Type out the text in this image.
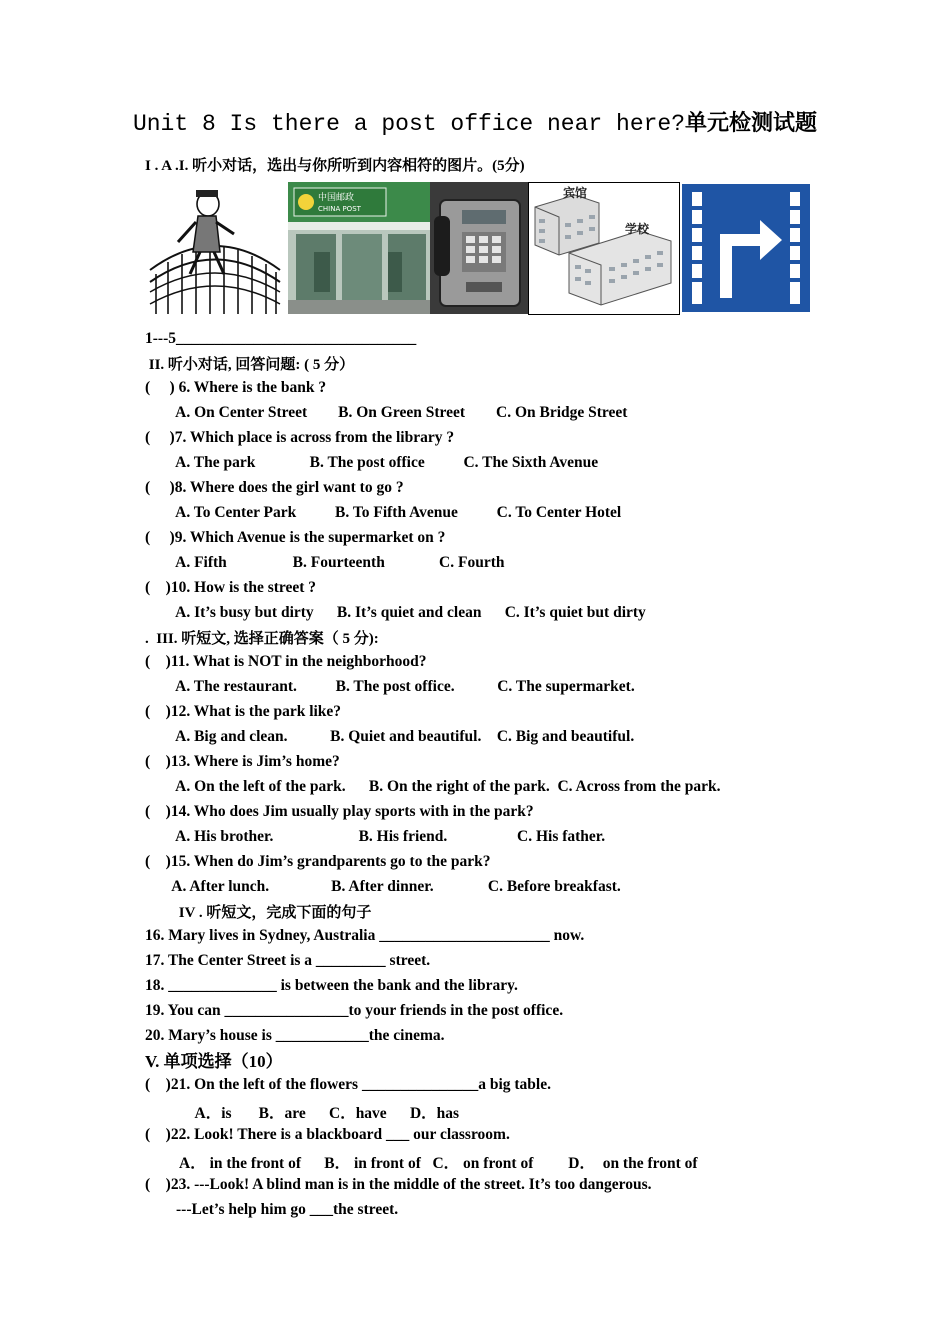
Unit 8 Is there a post office near here?单元检测试题
I . A .I. 听小对话，选出与你所听到内容相符的图片。(5分)
中国邮政
CHINA POST
宾馆
学校
1---5_______________________________
II. 听小对话, 回答问题: ( 5 分）
(     ) 6. Where is the bank ?
A. On Center Street        B. On Green Street        C. On Bridge Street
(     )7. Which place is across from the library ?
A. The park              B. The post office          C. The Sixth Avenue
(     )8. Where does the girl want to go ?
A. To Center Park          B. To Fifth Avenue          C. To Center Hotel
(     )9. Which Avenue is the supermarket on ?
A. Fifth                 B. Fourteenth              C. Fourth
(    )10. How is the street ?
A. It’s busy but dirty      B. It’s quiet and clean      C. It’s quiet but dirty
.  III. 听短文, 选择正确答案（ 5 分):
(    )11. What is NOT in the neighborhood?
A. The restaurant.          B. The post office.           C. The supermarket.
(    )12. What is the park like?
A. Big and clean.           B. Quiet and beautiful.    C. Big and beautiful.
(    )13. Where is Jim’s home?
A. On the left of the park.      B. On the right of the park.  C. Across from the park.
(    )14. Who does Jim usually play sports with in the park?
A. His brother.                      B. His friend.                  C. His father.
(    )15. When do Jim’s grandparents go to the park?
A. After lunch.                B. After dinner.              C. Before breakfast.
IV . 听短文，完成下面的句子
16. Mary lives in Sydney, Australia ______________________ now.
17. The Center Street is a _________ street.
18. ______________ is between the bank and the library.
19. You can ________________to your friends in the post office.
20. Mary’s house is ____________the cinema.
V. 单项选择（10）
(    )21. On the left of the flowers _______________a big table.
A．is       B．are      C．have      D．has
(    )22. Look! There is a blackboard ___ our classroom.
A． in the front of      B． in front of   C． on front of         D．  on the front of
(    )23. ---Look! A blind man is in the middle of the street. It’s too dangerous.
---Let’s help him go ___the street.
